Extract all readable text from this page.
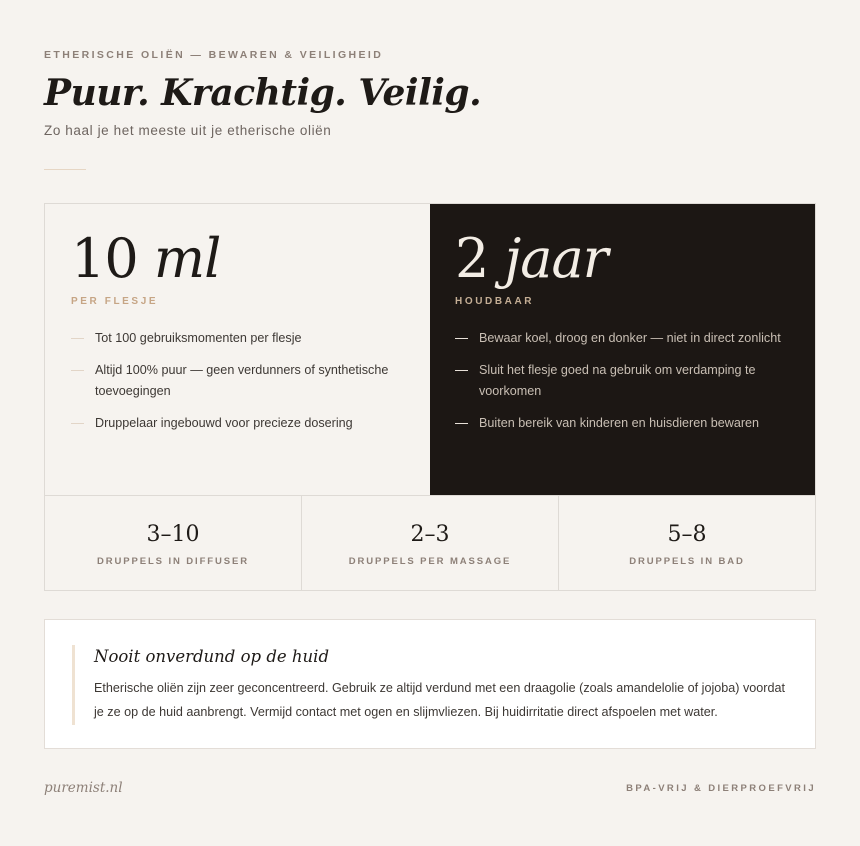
ETHERISCHE OLIËN — BEWAREN & VEILIGHEID
Puur. Krachtig. Veilig.

Zo haal je het meeste uit je etherische oliën

10 ml
PER FLESJE
Tot 100 gebruiksmomenten per flesje
Altijd 100% puur — geen verdunners of synthetische toevoegingen
Druppelaar ingebouwd voor precieze dosering
2 jaar
HOUDBAAR
Bewaar koel, droog en donker — niet in direct zonlicht
Sluit het flesje goed na gebruik om verdamping te voorkomen
Buiten bereik van kinderen en huisdieren bewaren
3–10
DRUPPELS IN DIFFUSER
2–3
DRUPPELS PER MASSAGE
5–8
DRUPPELS IN BAD
Nooit onverdund op de huid

Etherische oliën zijn zeer geconcentreerd. Gebruik ze altijd verdund met een draagolie (zoals amandelolie of jojoba) voordat je ze op de huid aanbrengt. Vermijd contact met ogen en slijmvliezen. Bij huidirritatie direct afspoelen met water.

puremist.nl	BPA-VRIJ & DIERPROEFVRIJ
